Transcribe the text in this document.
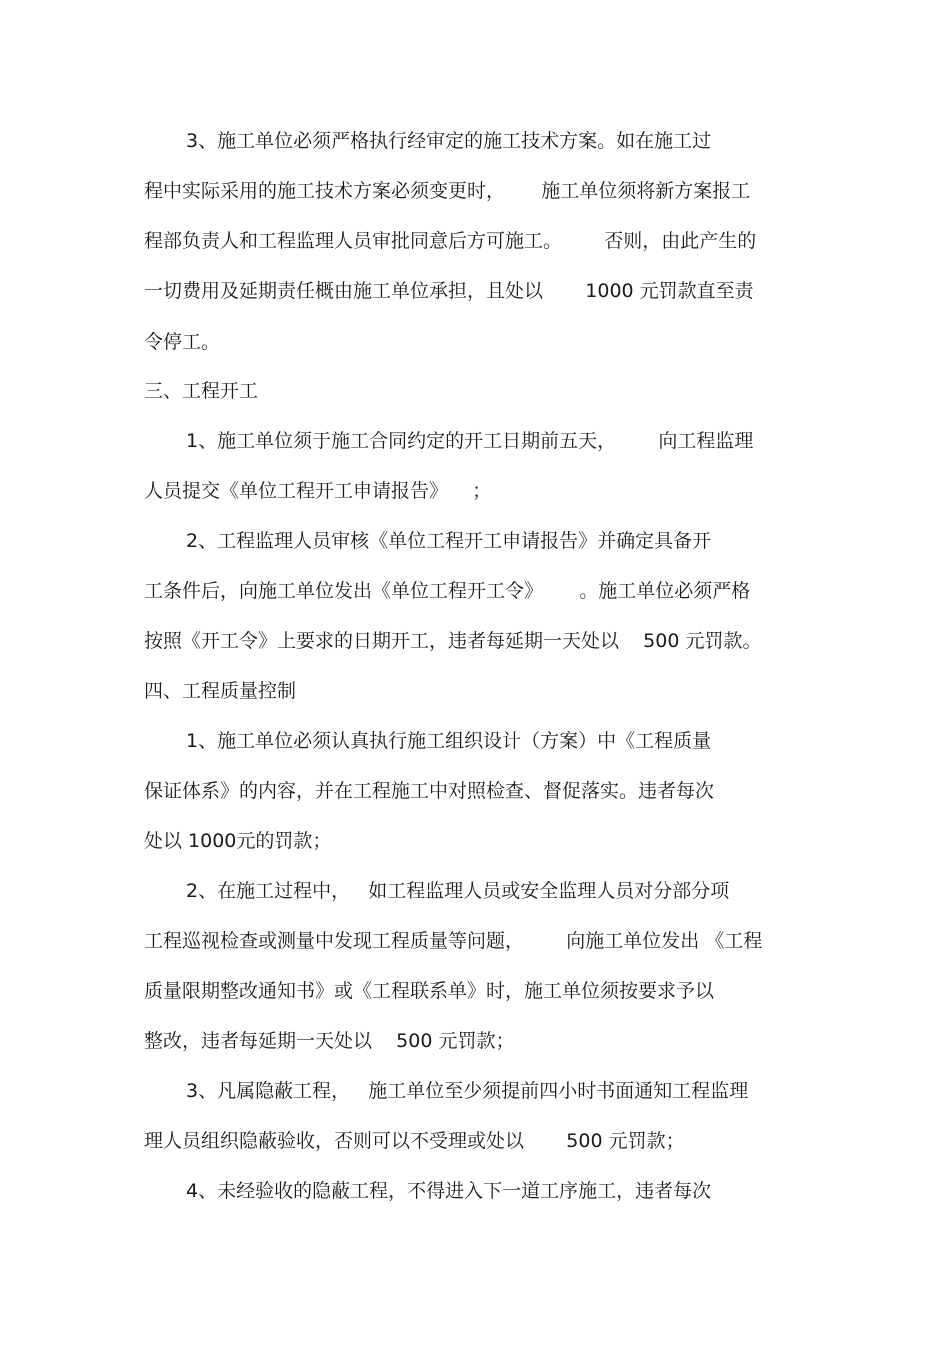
3、施工单位必须严格执行经审定的施工技术方案。如在施工过
程中实际采用的施工技术方案必须变更时，      施工单位须将新方案报工
程部负责人和工程监理人员审批同意后方可施工。       否则，由此产生的
一切费用及延期责任概由施工单位承担，且处以       1000 元罚款直至责
令停工。
三、工程开工
1、施工单位须于施工合同约定的开工日期前五天，       向工程监理
人员提交《单位工程开工申请报告》    ；
2、工程监理人员审核《单位工程开工申请报告》并确定具备开
工条件后，向施工单位发出《单位工程开工令》      。施工单位必须严格
按照《开工令》上要求的日期开工，违者每延期一天处以    500 元罚款。
四、工程质量控制
1、施工单位必须认真执行施工组织设计（方案）中《工程质量
保证体系》的内容，并在工程施工中对照检查、督促落实。违者每次
处以 1000元的罚款；
2、在施工过程中，   如工程监理人员或安全监理人员对分部分项
工程巡视检查或测量中发现工程质量等问题，       向施工单位发出 《工程
质量限期整改通知书》或《工程联系单》时，施工单位须按要求予以
整改，违者每延期一天处以    500 元罚款；
3、凡属隐蔽工程，   施工单位至少须提前四小时书面通知工程监理
理人员组织隐蔽验收，否则可以不受理或处以       500 元罚款；
4、未经验收的隐蔽工程，不得进入下一道工序施工，违者每次
